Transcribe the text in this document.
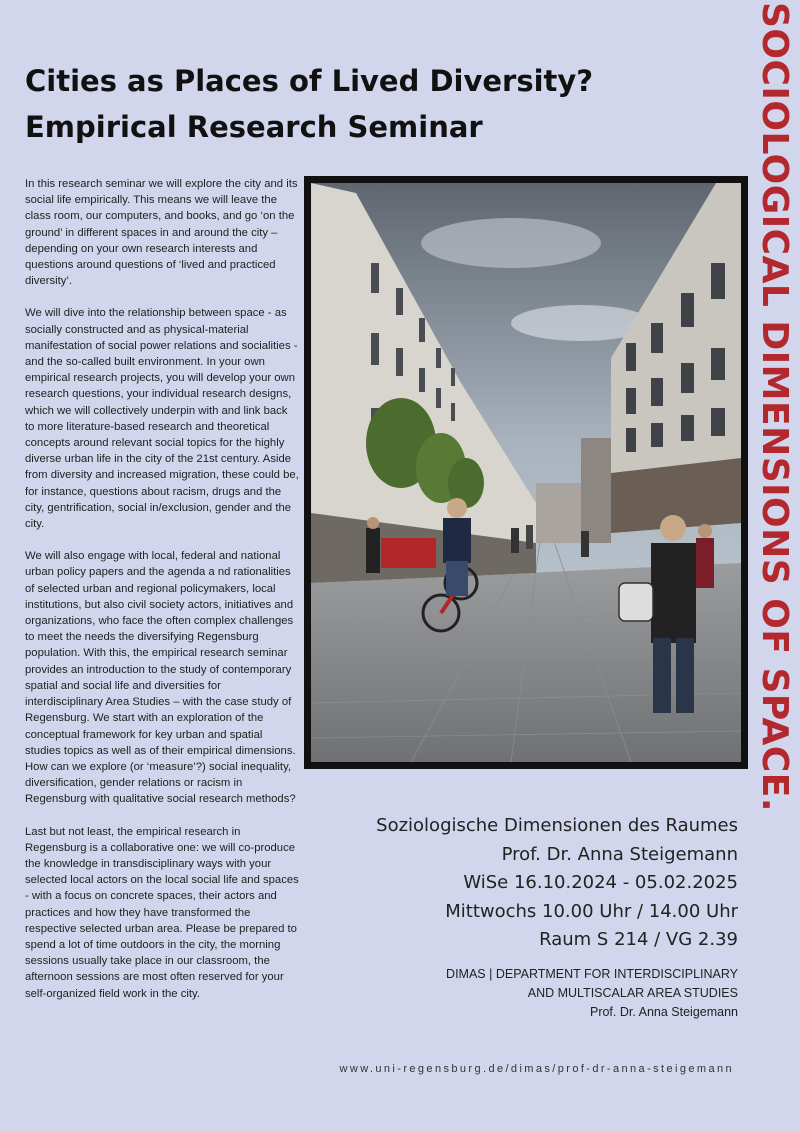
Cities as Places of Lived Diversity?
Empirical Research Seminar	SOCIOLOGICAL DIMENSIONS OF SPACE.

In this research seminar we will explore the city and its social life empirically. This means we will leave the class room, our computers, and books, and go ‘on the ground’ in different spaces in and around the city – depending on your own research interests and questions around questions of ‘lived and practiced diversity’.

We will dive into the relationship between space - as socially constructed and as physical-material manifestation of social power relations and socialities - and the so-called built environment. In your own empirical research projects, you will develop your own research questions, your individual research designs, which we will collectively underpin with and link back to more literature-based research and theoretical concepts around relevant social topics for the highly diverse urban life in the city of the 21st century. Aside from diversity and increased migration, these could be, for instance, questions about racism, drugs and the city, gentrification, social in/exclusion, gender and the city.

We will also engage with local, federal and national urban policy papers and the agenda a nd rationalities of selected urban and regional policymakers, local institutions, but also civil society actors, initiatives and organizations, who face the often complex challenges to meet the needs the diversifying Regensburg population. With this, the empirical research seminar provides an introduction to the study of contemporary spatial and social life and diversities for interdisciplinary Area Studies – with the case study of Regensburg. We start with an exploration of the conceptual framework for key urban and spatial studies topics as well as of their empirical dimensions. How can we explore (or ‘measure’?) social inequality, diversification, gender relations or racism in Regensburg with qualitative social research methods?

Last but not least, the empirical research in Regensburg is a collaborative one: we will co-produce the knowledge in transdisciplinary ways with your selected local actors on the local social life and spaces - with a focus on concrete spaces, their actors and practices and how they have transformed the respective selected urban area. Please be prepared to spend a lot of time outdoors in the city, the morning sessions usually take place in our classroom, the afternoon sessions are most often reserved for your self-organized field work in the city.

Soziologische Dimensionen des Raumes
Prof. Dr. Anna Steigemann
WiSe 16.10.2024 - 05.02.2025
Mittwochs 10.00 Uhr / 14.00 Uhr
Raum S 214 / VG 2.39
DIMAS | DEPARTMENT FOR INTERDISCIPLINARY
AND MULTISCALAR AREA STUDIES
Prof. Dr. Anna Steigemann
www.uni-regensburg.de/dimas/prof-dr-anna-steigemann
